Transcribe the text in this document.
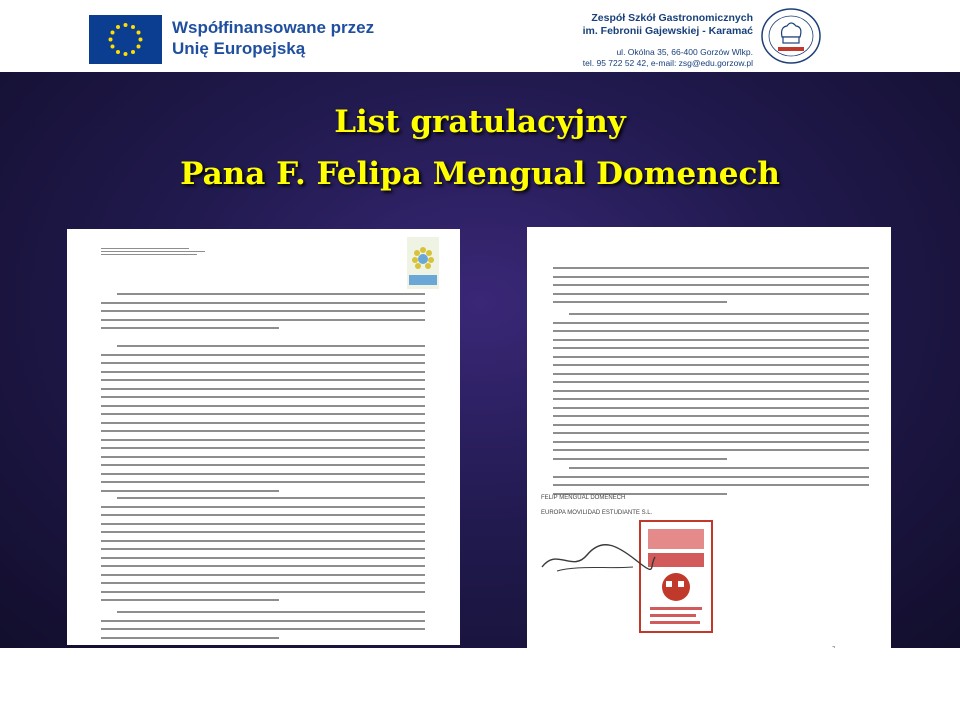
Współfinansowane przez
Unię Europejską
Zespół Szkół Gastronomicznych
im. Febronii Gajewskiej - Karamać
ul. Okólna 35, 66-400 Gorzów Wlkp.
tel. 95 722 52 42, e-mail: zsg@edu.gorzow.pl
List gratulacyjny
Pana F. Felipa Mengual Domenech
FELIP MENGUAL DOMENECH
EUROPA MOVILIDAD ESTUDIANTE S.L.
